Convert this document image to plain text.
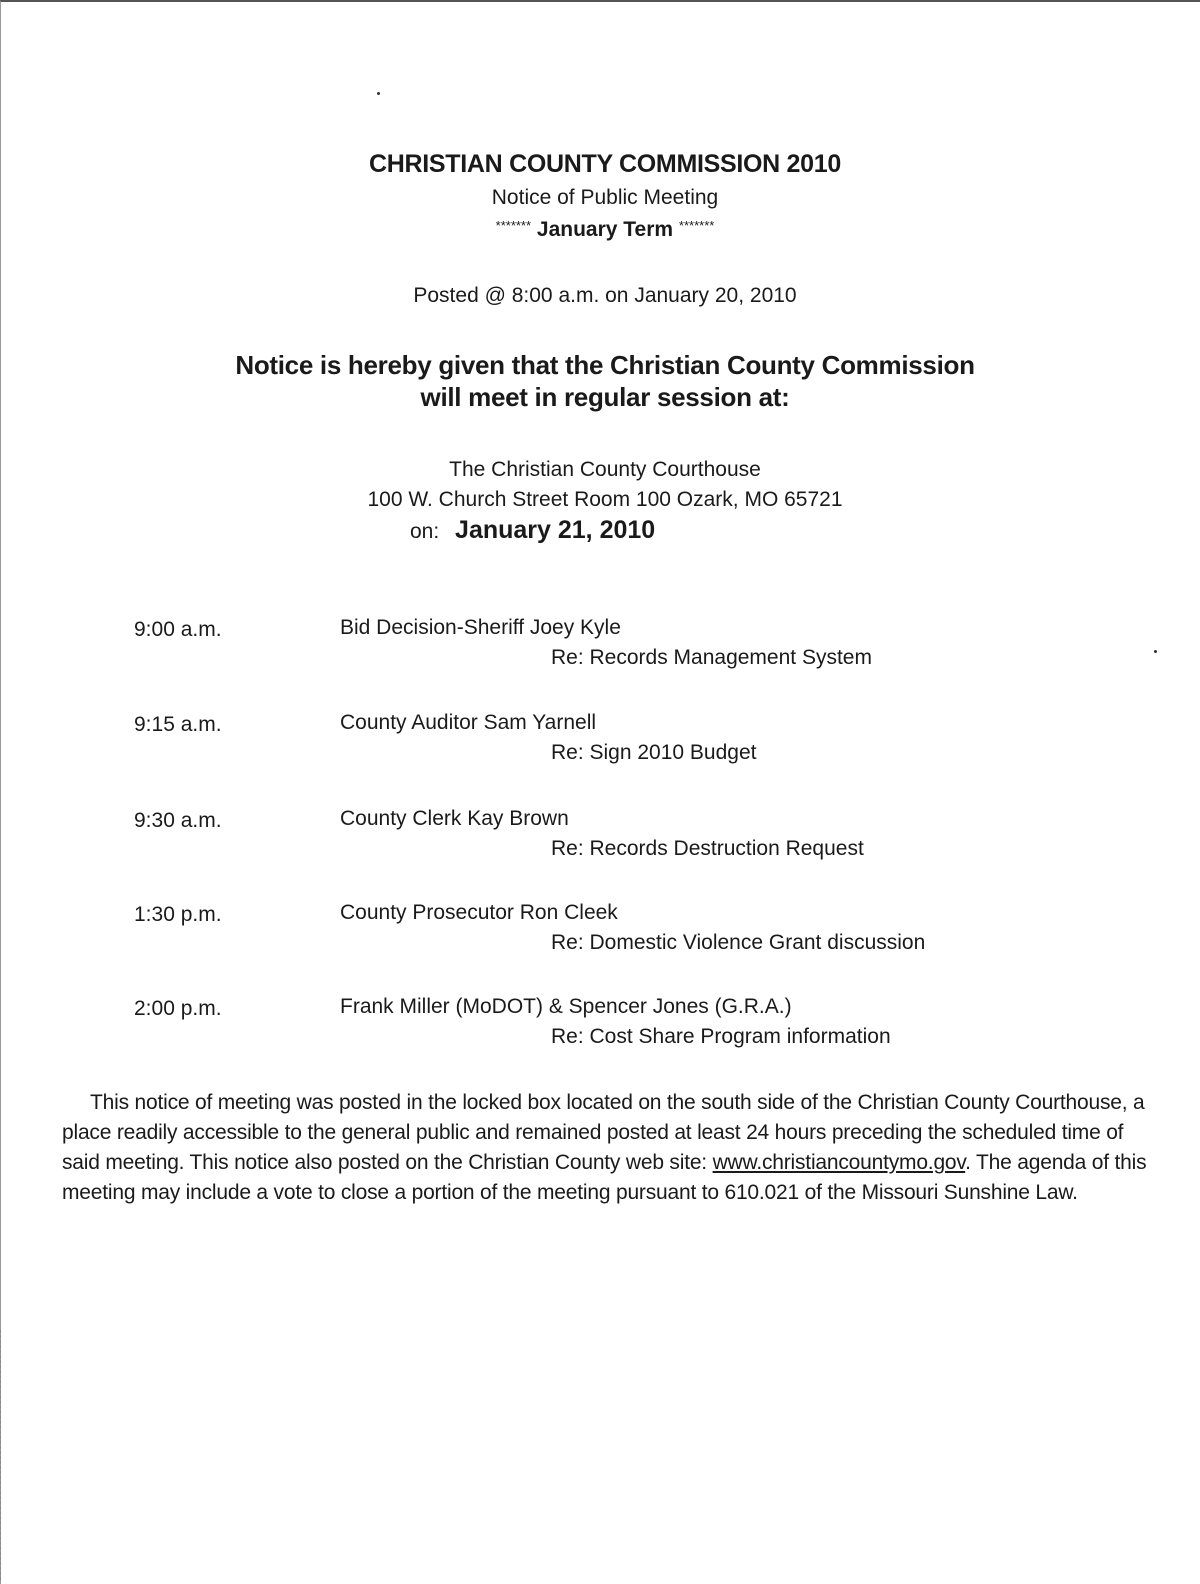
CHRISTIAN COUNTY COMMISSION 2010
Notice of Public Meeting
******* January Term *******
Posted @ 8:00 a.m. on January 20, 2010
Notice is hereby given that the Christian County Commission
will meet in regular session at:
The Christian County Courthouse
100 W. Church Street Room 100 Ozark, MO 65721
on: January 21, 2010
9:00 a.m.	Bid Decision-Sheriff Joey Kyle
Re: Records Management System
9:15 a.m.	County Auditor Sam Yarnell
Re: Sign 2010 Budget
9:30 a.m.	County Clerk Kay Brown
Re: Records Destruction Request
1:30 p.m.	County Prosecutor Ron Cleek
Re: Domestic Violence Grant discussion
2:00 p.m.	Frank Miller (MoDOT) & Spencer Jones (G.R.A.)
Re: Cost Share Program information
This notice of meeting was posted in the locked box located on the south side of the Christian County Courthouse, a place readily accessible to the general public and remained posted at least 24 hours preceding the scheduled time of said meeting. This notice also posted on the Christian County web site: www.christiancountymo.gov. The agenda of this meeting may include a vote to close a portion of the meeting pursuant to 610.021 of the Missouri Sunshine Law.
